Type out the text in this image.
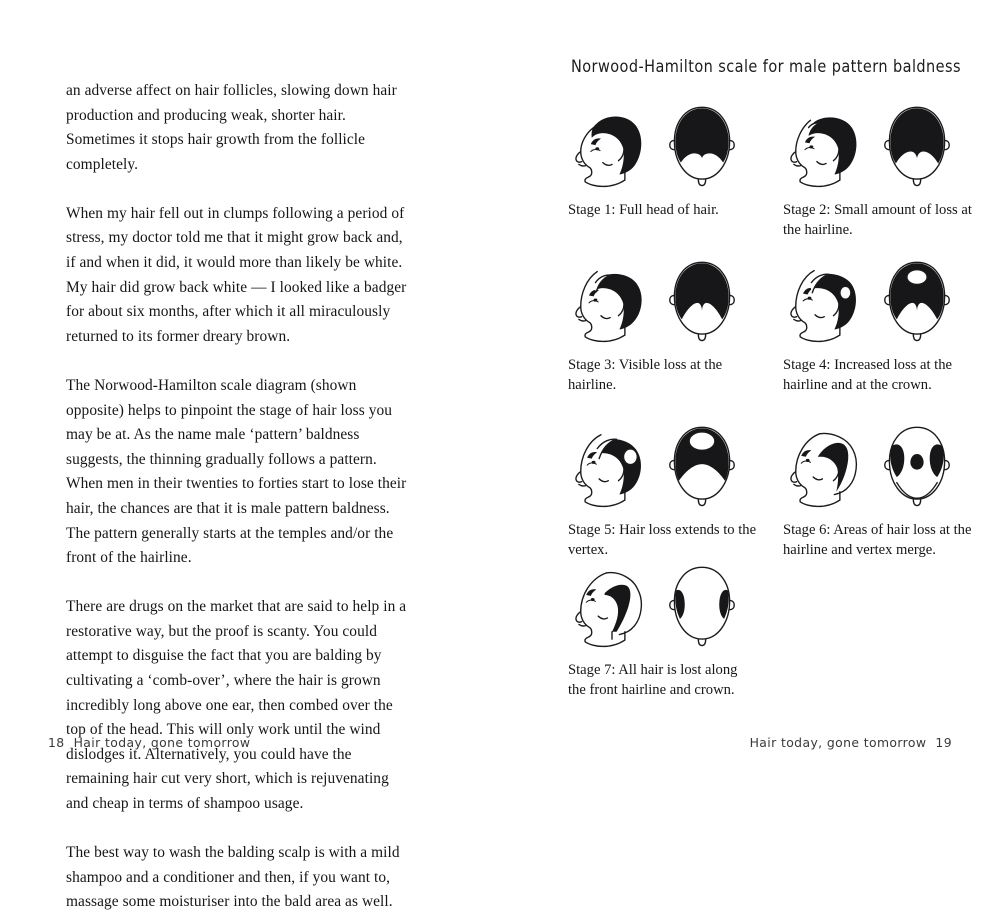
an adverse affect on hair follicles, slowing down hair production and producing weak, shorter hair. Sometimes it stops hair growth from the follicle completely.

When my hair fell out in clumps following a period of stress, my doctor told me that it might grow back and, if and when it did, it would more than likely be white. My hair did grow back white — I looked like a badger for about six months, after which it all miraculously returned to its former dreary brown.

The Norwood-Hamilton scale diagram (shown opposite) helps to pinpoint the stage of hair loss you may be at. As the name male ‘pattern’ baldness suggests, the thinning gradually follows a pattern. When men in their twenties to forties start to lose their hair, the chances are that it is male pattern baldness. The pattern generally starts at the temples and/or the front of the hairline.

There are drugs on the market that are said to help in a restorative way, but the proof is scanty. You could attempt to disguise the fact that you are balding by cultivating a ‘comb-over’, where the hair is grown incredibly long above one ear, then combed over the top of the head. This will only work until the wind dislodges it. Alternatively, you could have the remaining hair cut very short, which is rejuvenating and cheap in terms of shampoo usage.

The best way to wash the balding scalp is with a mild shampoo and a conditioner and then, if you want to, massage some moisturiser into the bald area as well.

18 Hair today, gone tomorrow
Norwood-Hamilton scale for male pattern baldness
Stage 1: Full head of hair.	Stage 2: Small amount of loss at the hairline.
Stage 3: Visible loss at the hairline.
Stage 4: Increased loss at the hairline and at the crown.
Stage 5: Hair loss extends to the vertex.
Stage 6: Areas of hair loss at the hairline and vertex merge.
Stage 7: All hair is lost along the front hairline and crown.
Hair today, gone tomorrow 19
